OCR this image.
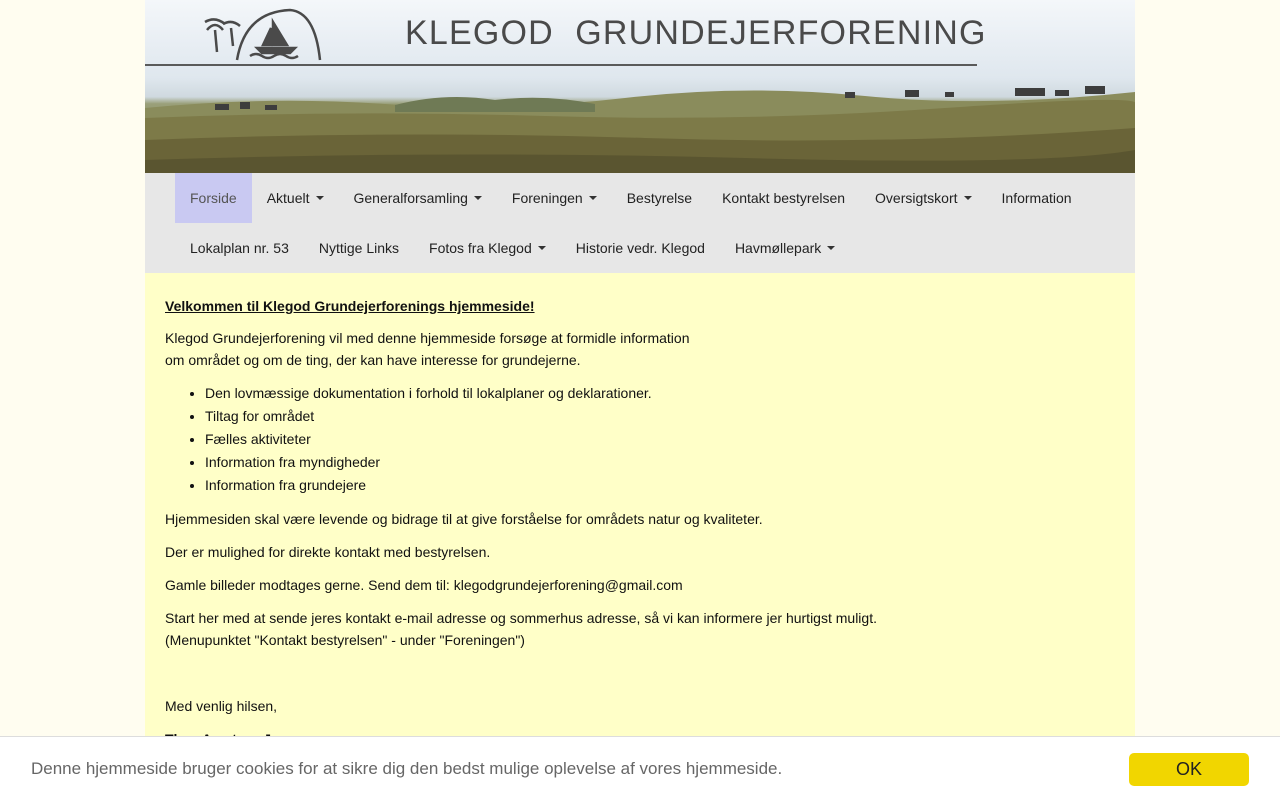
KLEGOD  GRUNDEJERFORENING
Forside Aktuelt	Generalforsamling	Foreningen	Bestyrelse Kontakt bestyrelsen Oversigtskort	Information
Lokalplan nr. 53 Nyttige Links Fotos fra Klegod	Historie vedr. Klegod Havmølle​park

Velkommen til Klegod Grundejerforenings hjemmeside!

Klegod Grundejerforening vil med denne hjemmeside forsøge at formidle information
om området og om de ting, der kan have interesse for grundejerne.

• Den lovmæssige dokumentation i forhold til lokalplaner og deklarationer.
• Tiltag for området
• Fælles aktiviteter
• Information fra myndigheder
• Information fra grundejere

Hjemmesiden skal være levende og bidrage til at give forståelse for områdets natur og kvaliteter.

Der er mulighed for direkte kontakt med bestyrelsen.

Gamle billeder modtages gerne. Send dem til: klegodgrundejerforening@gmail.com

Start her med at sende jeres kontakt e-mail adresse og sommerhus adresse, så vi kan informere jer hurtigst muligt.
(Menupunktet "Kontakt bestyrelsen" - under "Foreningen")

Med venlig hilsen,

Denne hjemmeside bruger cookies for at sikre dig den bedst mulige oplevelse af vores hjemmeside.	OK
